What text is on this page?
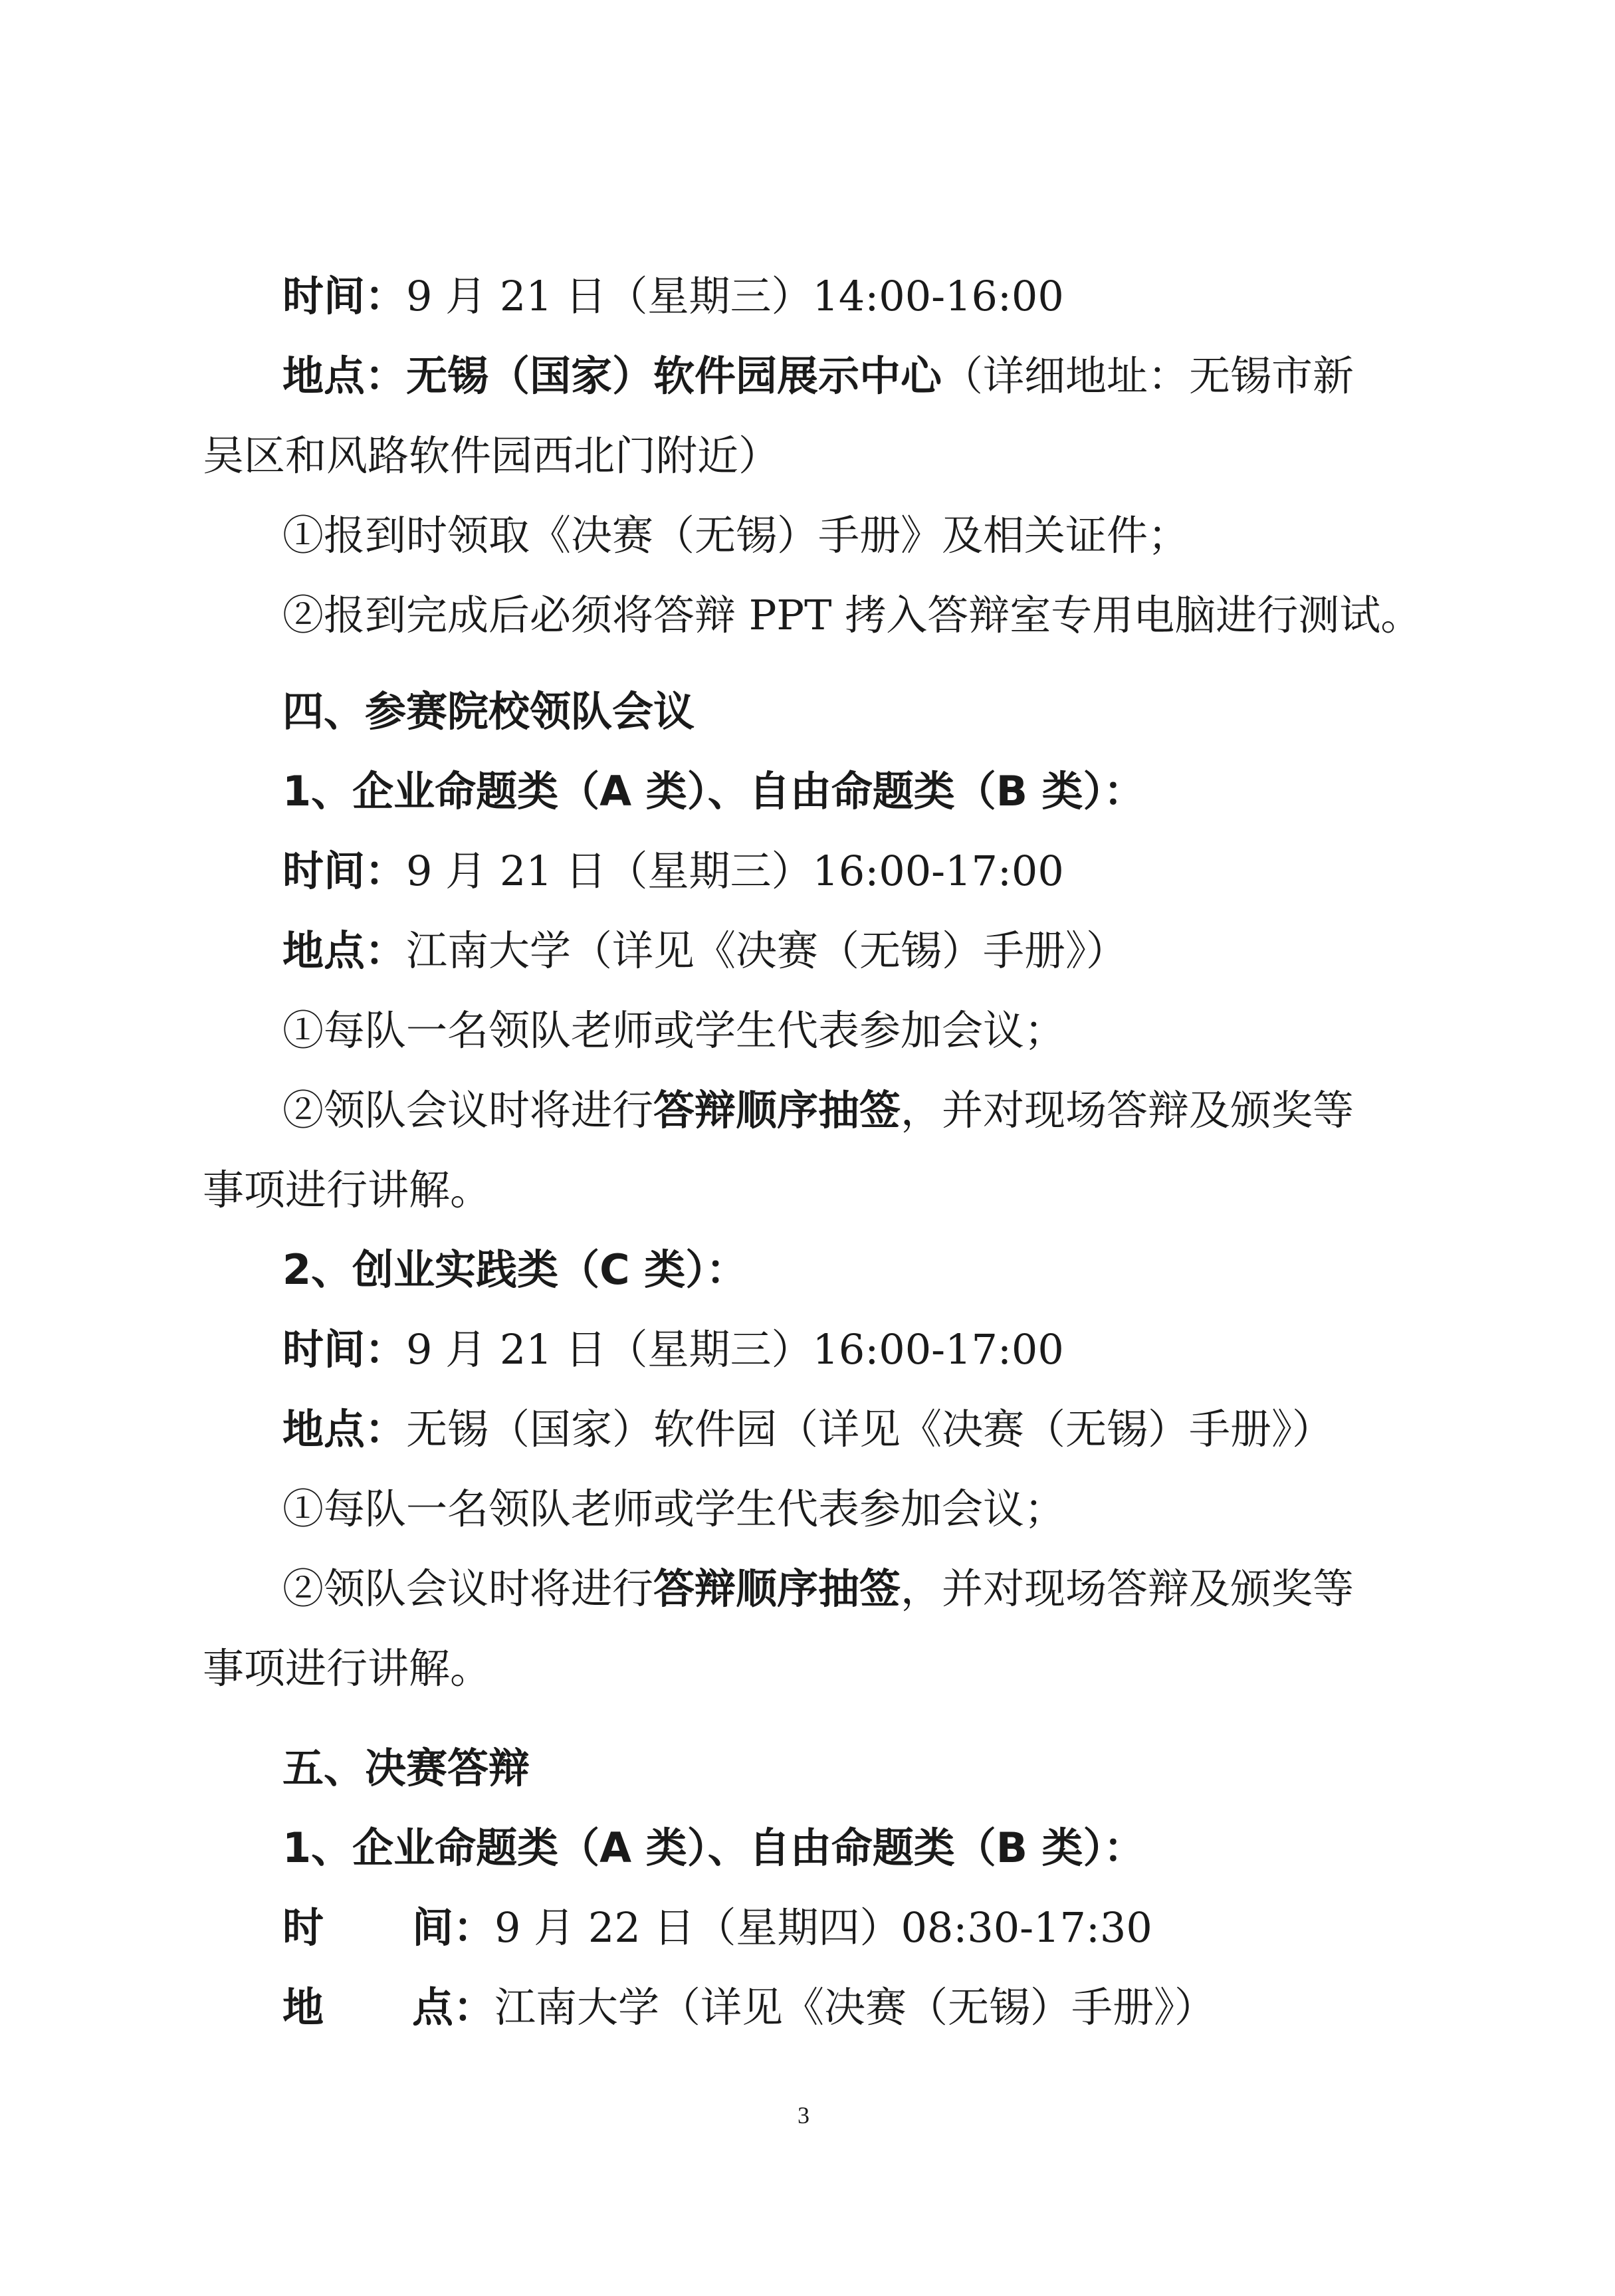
时间：9 月 21 日（星期三）14:00-16:00
地点：无锡（国家）软件园展示中心（详细地址：无锡市新
吴区和风路软件园西北门附近）
①报到时领取《决赛（无锡）手册》及相关证件；
②报到完成后必须将答辩 PPT 拷入答辩室专用电脑进行测试。
四、参赛院校领队会议
1、企业命题类（A 类）、自由命题类（B 类）：
时间：9 月 21 日（星期三）16:00-17:00
地点：江南大学（详见《决赛（无锡）手册》）
①每队一名领队老师或学生代表参加会议；
②领队会议时将进行答辩顺序抽签，并对现场答辩及颁奖等
事项进行讲解。
2、创业实践类（C 类）：
时间：9 月 21 日（星期三）16:00-17:00
地点：无锡（国家）软件园（详见《决赛（无锡）手册》）
①每队一名领队老师或学生代表参加会议；
②领队会议时将进行答辩顺序抽签，并对现场答辩及颁奖等
事项进行讲解。
五、决赛答辩
1、企业命题类（A 类）、自由命题类（B 类）：
时 间：9 月 22 日（星期四）08:30-17:30
地 点：江南大学（详见《决赛（无锡）手册》）
3
